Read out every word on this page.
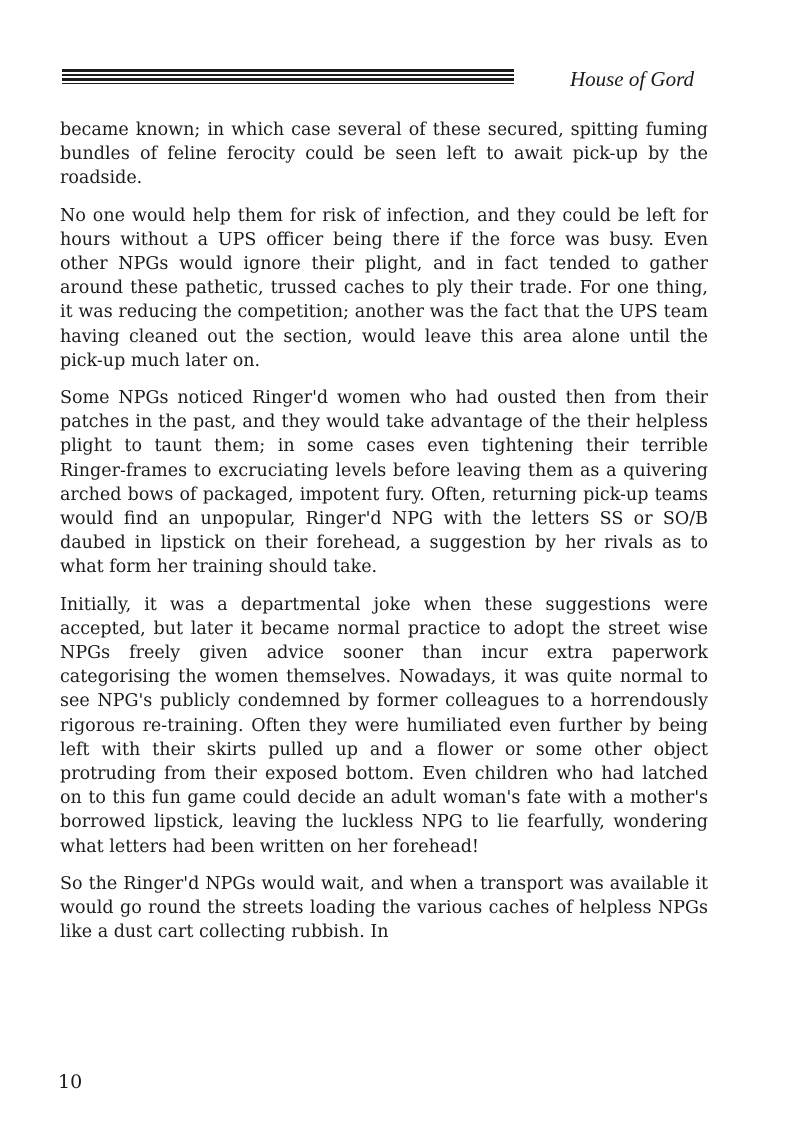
House of Gord

became known; in which case several of these secured, spitting fuming bundles of feline ferocity could be seen left to await pick-up by the roadside.

No one would help them for risk of infection, and they could be left for hours without a UPS officer being there if the force was busy. Even other NPGs would ignore their plight, and in fact tended to gather around these pathetic, trussed caches to ply their trade. For one thing, it was reducing the competition; another was the fact that the UPS team having cleaned out the section, would leave this area alone until the pick-up much later on.

Some NPGs noticed Ringer'd women who had ousted then from their patches in the past, and they would take advantage of the their helpless plight to taunt them; in some cases even tightening their terrible Ringer-frames to excruciating levels before leaving them as a quivering arched bows of packaged, impotent fury. Often, returning pick-up teams would find an unpopular, Ringer'd NPG with the letters SS or SO/B daubed in lipstick on their forehead, a suggestion by her rivals as to what form her training should take.

Initially, it was a departmental joke when these suggestions were accepted, but later it became normal practice to adopt the street wise NPGs freely given advice sooner than incur extra paperwork categorising the women themselves. Nowadays, it was quite normal to see NPG's publicly condemned by former colleagues to a horrendously rigorous re-training. Often they were humiliated even further by being left with their skirts pulled up and a flower or some other object protruding from their exposed bottom. Even children who had latched on to this fun game could decide an adult woman's fate with a mother's borrowed lipstick, leaving the luckless NPG to lie fearfully, wondering what letters had been written on her forehead!

So the Ringer'd NPGs would wait, and when a transport was available it would go round the streets loading the various caches of helpless NPGs like a dust cart collecting rubbish. In

10
